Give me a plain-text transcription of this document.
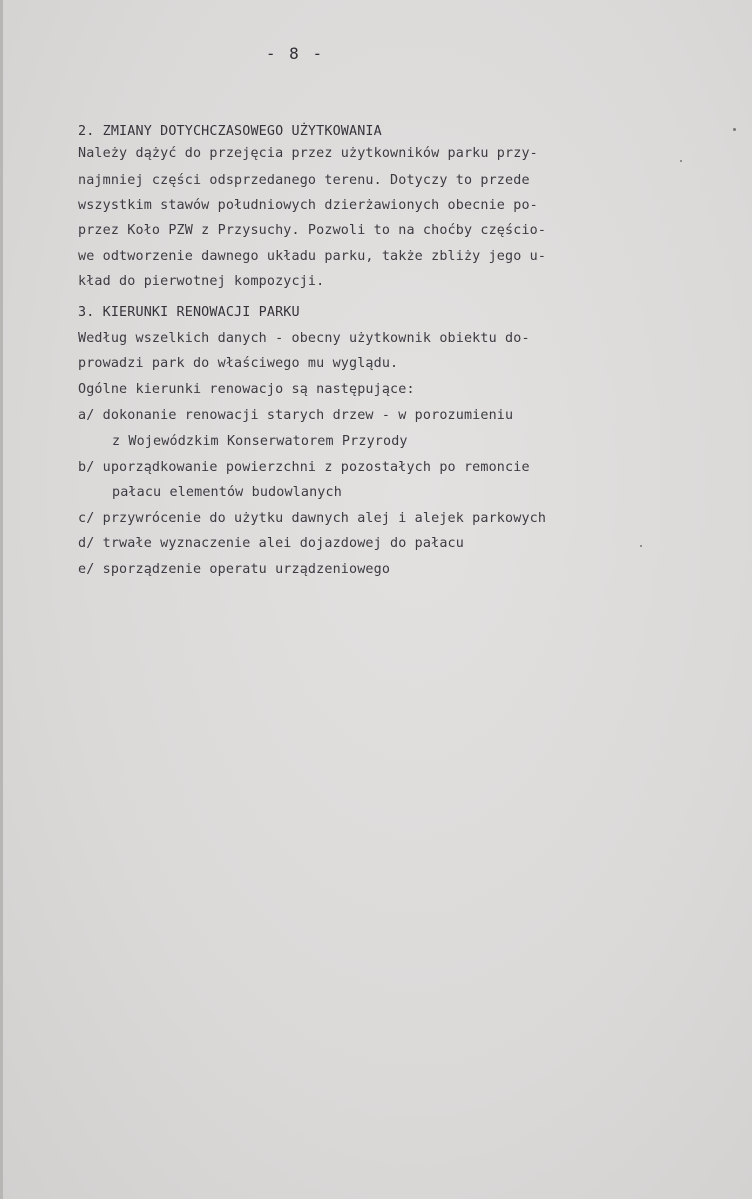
- 8 -
2. ZMIANY DOTYCHCZASOWEGO UŻYTKOWANIA
Należy dążyć do przejęcia przez użytkowników parku przy-
najmniej części odsprzedanego terenu. Dotyczy to przede
wszystkim stawów południowych dzierżawionych obecnie po-
przez Koło PZW z Przysuchy. Pozwoli to na choćby częścio-
we odtworzenie dawnego układu parku, także zbliży jego u-
kład do pierwotnej kompozycji.
3. KIERUNKI RENOWACJI PARKU
Według wszelkich danych - obecny użytkownik obiektu do-
prowadzi park do właściwego mu wyglądu.
Ogólne kierunki renowacjo są następujące:
a/ dokonanie renowacji starych drzew - w porozumieniu
z Wojewódzkim Konserwatorem Przyrody
b/ uporządkowanie powierzchni z pozostałych po remoncie
pałacu elementów budowlanych
c/ przywrócenie do użytku dawnych alej i alejek parkowych
d/ trwałe wyznaczenie alei dojazdowej do pałacu
e/ sporządzenie operatu urządzeniowego
